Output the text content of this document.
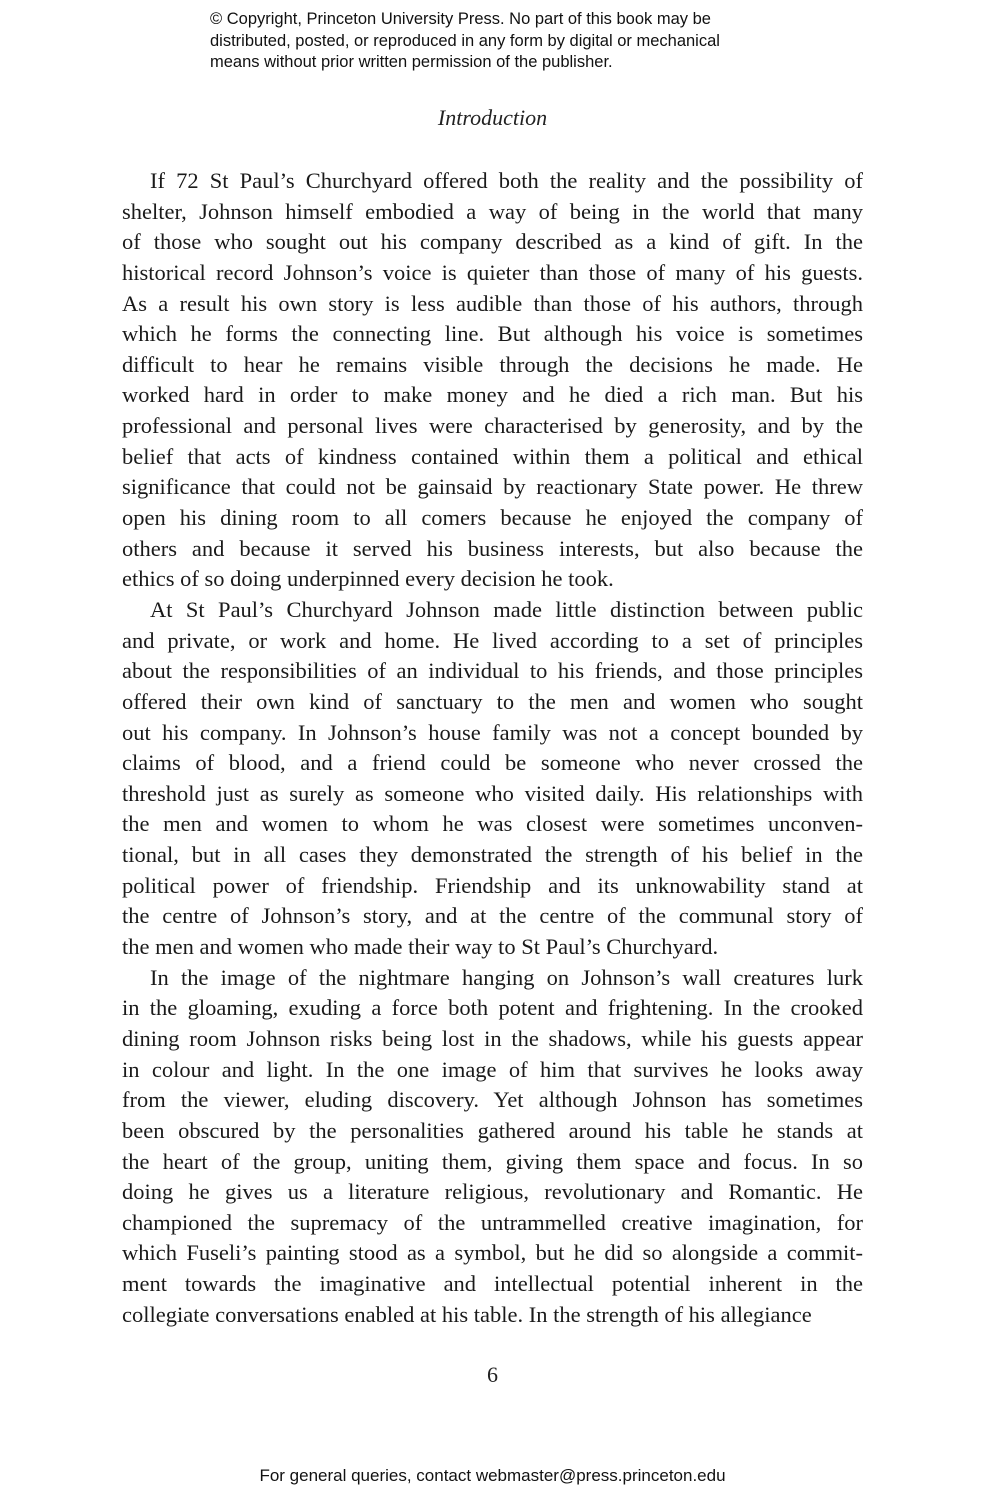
© Copyright, Princeton University Press. No part of this book may be
distributed, posted, or reproduced in any form by digital or mechanical
means without prior written permission of the publisher.
Introduction
If 72 St Paul’s Churchyard offered both the reality and the possibility of
shelter, Johnson himself embodied a way of being in the world that many
of those who sought out his company described as a kind of gift. In the
historical record Johnson’s voice is quieter than those of many of his guests.
As a result his own story is less audible than those of his authors, through
which he forms the connecting line. But although his voice is sometimes
difficult to hear he remains visible through the decisions he made. He
worked hard in order to make money and he died a rich man. But his
professional and personal lives were characterised by generosity, and by the
belief that acts of kindness contained within them a political and ethical
significance that could not be gainsaid by reactionary State power. He threw
open his dining room to all comers because he enjoyed the company of
others and because it served his business interests, but also because the
ethics of so doing underpinned every decision he took.
At St Paul’s Churchyard Johnson made little distinction between public
and private, or work and home. He lived according to a set of principles
about the responsibilities of an individual to his friends, and those principles
offered their own kind of sanctuary to the men and women who sought
out his company. In Johnson’s house family was not a concept bounded by
claims of blood, and a friend could be someone who never crossed the
threshold just as surely as someone who visited daily. His relationships with
the men and women to whom he was closest were sometimes unconven-
tional, but in all cases they demonstrated the strength of his belief in the
political power of friendship. Friendship and its unknowability stand at
the centre of Johnson’s story, and at the centre of the communal story of
the men and women who made their way to St Paul’s Churchyard.
In the image of the nightmare hanging on Johnson’s wall creatures lurk
in the gloaming, exuding a force both potent and frightening. In the crooked
dining room Johnson risks being lost in the shadows, while his guests appear
in colour and light. In the one image of him that survives he looks away
from the viewer, eluding discovery. Yet although Johnson has sometimes
been obscured by the personalities gathered around his table he stands at
the heart of the group, uniting them, giving them space and focus. In so
doing he gives us a literature religious, revolutionary and Romantic. He
championed the supremacy of the untrammelled creative imagination, for
which Fuseli’s painting stood as a symbol, but he did so alongside a commit-
ment towards the imaginative and intellectual potential inherent in the
collegiate conversations enabled at his table. In the strength of his allegiance
6
For general queries, contact webmaster@press.princeton.edu
